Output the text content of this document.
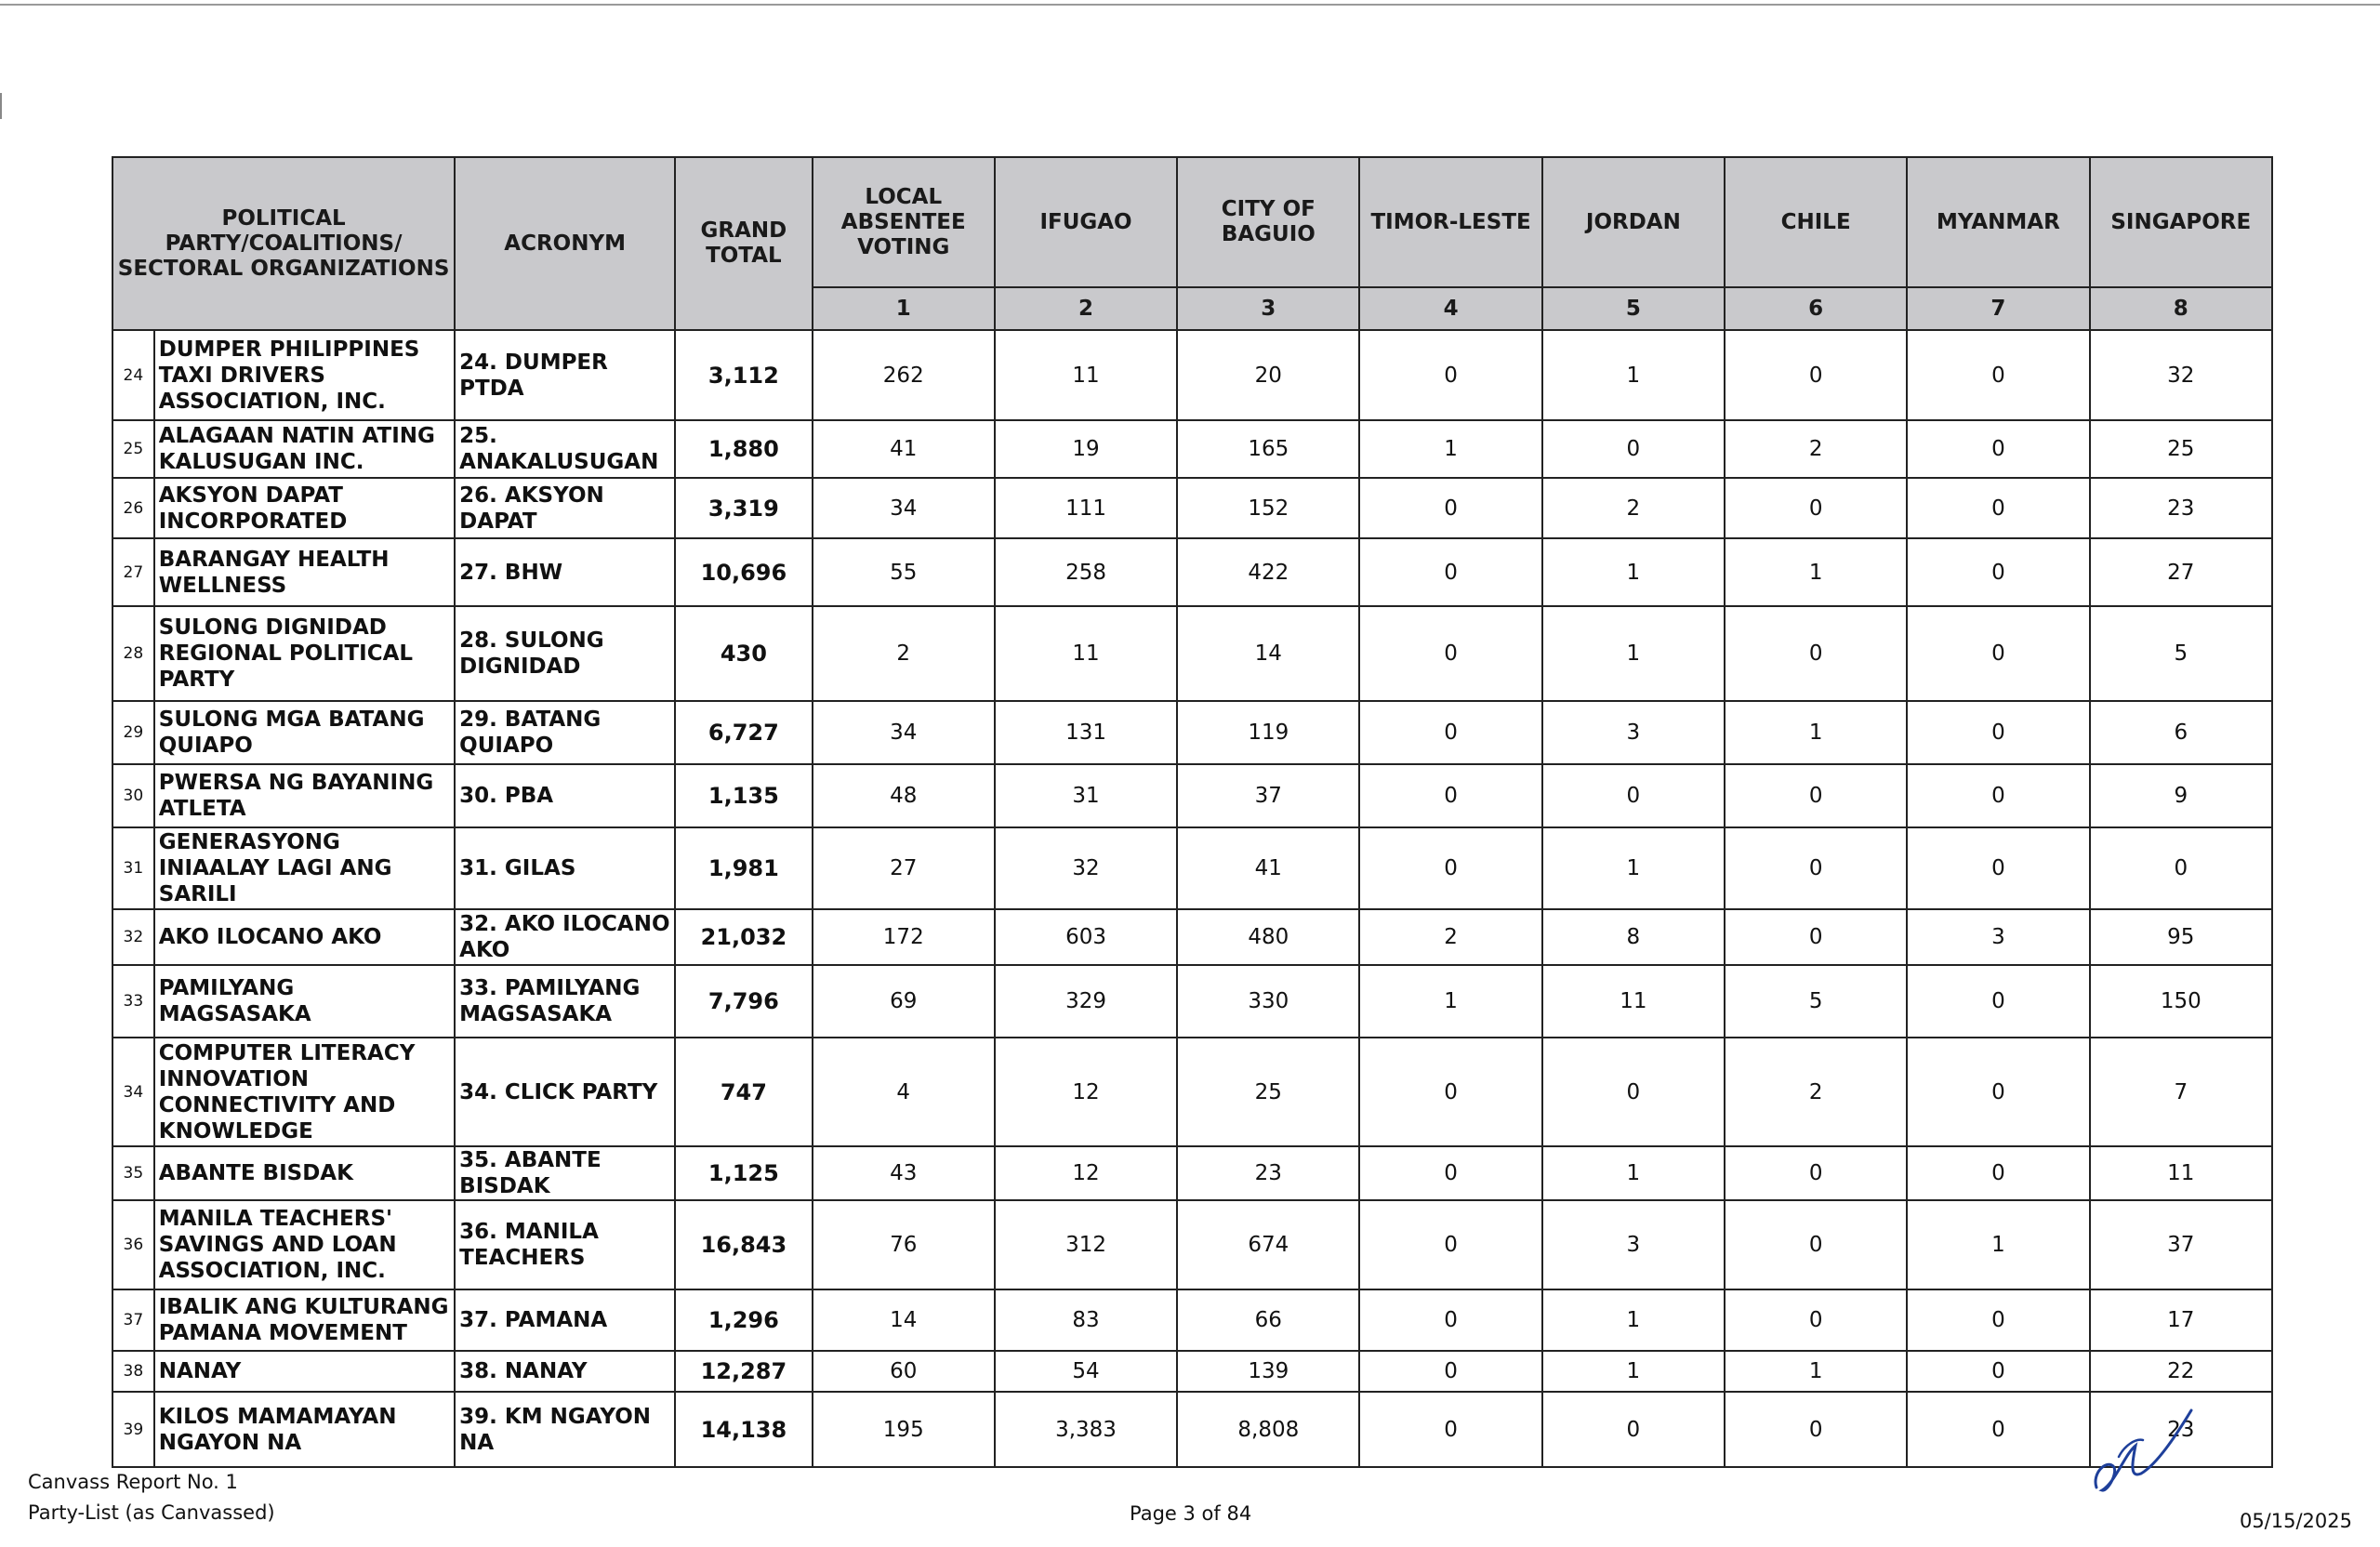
POLITICAL PARTY/COALITIONS/ SECTORAL ORGANIZATIONS		ACRONYM	GRAND TOTAL	LOCAL ABSENTEE VOTING	IFUGAO	CITY OF BAGUIO	TIMOR-LESTE	JORDAN	CHILE	MYANMAR	SINGAPORE
				1	2	3	4	5	6	7	8
24	DUMPER PHILIPPINES TAXI DRIVERS ASSOCIATION, INC.	24. DUMPER PTDA	3,112	262	11	20	0	1	0	0	32
25	ALAGAAN NATIN ATING KALUSUGAN INC.	25. ANAKALUSUGAN	1,880	41	19	165	1	0	2	0	25
26	AKSYON DAPAT INCORPORATED	26. AKSYON DAPAT	3,319	34	111	152	0	2	0	0	23
27	BARANGAY HEALTH WELLNESS	27. BHW	10,696	55	258	422	0	1	1	0	27
28	SULONG DIGNIDAD REGIONAL POLITICAL PARTY	28. SULONG DIGNIDAD	430	2	11	14	0	1	0	0	5
29	SULONG MGA BATANG QUIAPO	29. BATANG QUIAPO	6,727	34	131	119	0	3	1	0	6
30	PWERSA NG BAYANING ATLETA	30. PBA	1,135	48	31	37	0	0	0	0	9
31	GENERASYONG INIAALAY LAGI ANG SARILI	31. GILAS	1,981	27	32	41	0	1	0	0	0
32	AKO ILOCANO AKO	32. AKO ILOCANO AKO	21,032	172	603	480	2	8	0	3	95
33	PAMILYANG MAGSASAKA	33. PAMILYANG MAGSASAKA	7,796	69	329	330	1	11	5	0	150
34	COMPUTER LITERACY INNOVATION CONNECTIVITY AND KNOWLEDGE	34. CLICK PARTY	747	4	12	25	0	0	2	0	7
35	ABANTE BISDAK	35. ABANTE BISDAK	1,125	43	12	23	0	1	0	0	11
36	MANILA TEACHERS' SAVINGS AND LOAN ASSOCIATION, INC.	36. MANILA TEACHERS	16,843	76	312	674	0	3	0	1	37
37	IBALIK ANG KULTURANG PAMANA MOVEMENT	37. PAMANA	1,296	14	83	66	0	1	0	0	17
38	NANAY	38. NANAY	12,287	60	54	139	0	1	1	0	22
39	KILOS MAMAMAYAN NGAYON NA	39. KM NGAYON NA	14,138	195	3,383	8,808	0	0	0	0	23
Canvass Report No. 1
Party-List (as Canvassed)	Page 3 of 84	05/15/2025
